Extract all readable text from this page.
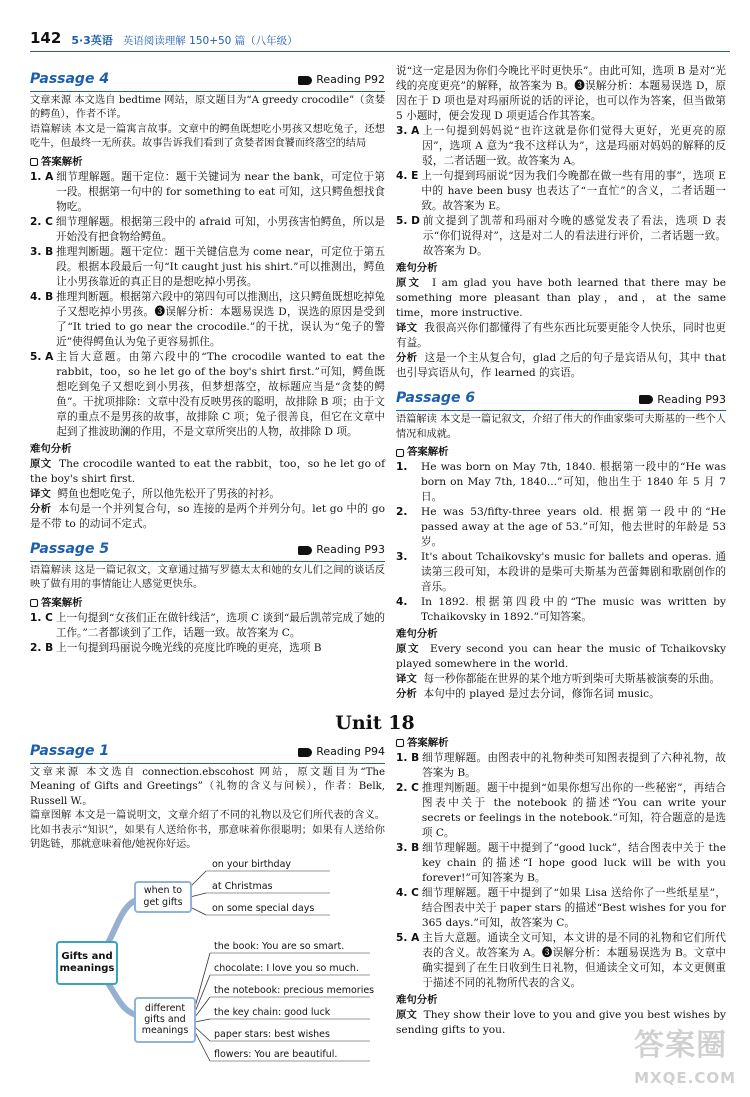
142 5·3英语 英语阅读理解 150+50 篇（八年级）
Passage 4	Reading P92

文章来源 本文选自 bedtime 网站，原文题目为“A greedy crocodile”（贪婪的鳄鱼），作者不详。

语篇解读 本文是一篇寓言故事。文章中的鳄鱼既想吃小男孩又想吃兔子，还想吃牛，但最终一无所获。故事告诉我们看到了贪婪者困食饕而终落空的结局

答案解析
1. A 细节理解题。题干定位：题干关键词为 near the bank，可定位于第一段。根据第一句中的 for something to eat 可知，这只鳄鱼想找食物吃。
2. C 细节理解题。根据第三段中的 afraid 可知，小男孩害怕鳄鱼，所以是开始没有把食物给鳄鱼。
3. B 推理判断题。题干定位：题干关键信息为 come near，可定位于第五段。根据本段最后一句“It caught just his shirt.”可以推测出，鳄鱼让小男孩靠近的真正目的是想吃掉小男孩。
4. B 推理判断题。根据第六段中的第四句可以推测出，这只鳄鱼既想吃掉兔子又想吃掉小男孩。❸误解分析：本题易误选 D，误选的原因是受到了“It tried to go near the crocodile.”的干扰，误认为“兔子的警近”使得鳄鱼认为兔子更容易抓住。
5. A 主旨大意题。由第六段中的“The crocodile wanted to eat the rabbit，too，so he let go of the boy's shirt first.”可知，鳄鱼既想吃到兔子又想吃到小男孩，但梦想落空，故标题应当是“贪婪的鳄鱼”。干扰项排除：文章中没有反映男孩的聪明，故排除 B 项；由于文章的重点不是男孩的故事，故排除 C 项；兔子很善良，但它在文章中起到了推波助澜的作用，不是文章所突出的人物，故排除 D 项。
难句分析

原文 The crocodile wanted to eat the rabbit，too，so he let go of the boy's shirt first.

译文 鳄鱼也想吃兔子，所以他先松开了男孩的衬衫。

分析 本句是一个并列复合句，so 连接的是两个并列分句。let go 中的 go 是不带 to 的动词不定式。

Passage 5	Reading P93

语篇解读 这是一篇记叙文，文章通过描写罗德太太和她的女儿们之间的谈话反映了做有用的事情能让人感觉更快乐。

答案解析
1. C 上一句提到“女孩们正在做针线活”，选项 C 谈到“最后凯蒂完成了她的工作。”二者都谈到了工作，话题一致。故答案为 C。
2. B 上一句提到玛丽说今晚光线的亮度比昨晚的更亮，选项 B

说“这一定是因为你们今晚比平时更快乐”。由此可知，选项 B 是对“光线的亮度更亮”的解释，故答案为 B。❸误解分析：本题易误选 D，原因在于 D 项也是对玛丽所说的话的评论，也可以作为答案，但当做第 5 小题时，便会发现 D 项更适合作其答案。

3. A 上一句提到妈妈说“也许这就是你们觉得大更好，光更亮的原因”，选项 A 意为“我不这样认为”，这是玛丽对妈妈的解释的反驳，二者话题一致。故答案为 A。
4. E 上一句提到玛丽说“因为我们今晚都在做一些有用的事”，选项 E 中的 have been busy 也表达了“一直忙”的含义，二者话题一致。故答案为 E。
5. D 前文提到了凯蒂和玛丽对今晚的感觉发表了看法，选项 D 表示“你们说得对”，这是对二人的看法进行评价，二者话题一致。故答案为 D。
难句分析

原文 I am glad you have both learned that there may be something more pleasant than play，and，at the same time，more instructive.

译文 我很高兴你们都懂得了有些东西比玩要更能令人快乐，同时也更有益。

分析 这是一个主从复合句，glad 之后的句子是宾语从句，其中 that 也引导宾语从句，作 learned 的宾语。

Passage 6	Reading P93

语篇解读 本文是一篇记叙文，介绍了伟大的作曲家柴可夫斯基的一些个人情况和成就。

答案解析
1.	He was born on May 7th, 1840. 根据第一段中的“He was born on May 7th, 1840...”可知，他出生于 1840 年 5 月 7 日。
2.	He was 53/fifty-three years old. 根据第一段中的“He passed away at the age of 53.”可知，他去世时的年龄是 53 岁。
3.	It's about Tchaikovsky's music for ballets and operas. 通读第三段可知，本段讲的是柴可夫斯基为芭蕾舞剧和歌剧创作的音乐。
4.	In 1892. 根据第四段中的“The music was written by Tchaikovsky in 1892.”可知答案。
难句分析

原文 Every second you can hear the music of Tchaikovsky played somewhere in the world.

译文 每一秒你都能在世界的某个地方听到柴可夫斯基被演奏的乐曲。

分析 本句中的 played 是过去分词，修饰名词 music。

Unit 18
Passage 1	Reading P94

文章来源 本文选自 connection.ebscohost 网站，原文题目为“The Meaning of Gifts and Greetings”（礼物的含义与问候），作者：Belk, Russell W.。

篇章图解 本文是一篇说明文，文章介绍了不同的礼物以及它们所代表的含义。比如书表示“知识”，如果有人送给你书，那意味着你很聪明；如果有人送给你钥匙链，那就意味着他/她祝你好运。

Gifts and meanings
when to get gifts
different gifts and meanings
on your birthday
at Christmas
on some special days
the book: You are so smart.
chocolate: I love you so much.
the notebook: precious memories
the key chain: good luck
paper stars: best wishes
flowers: You are beautiful.
答案解析
1. B 细节理解题。由图表中的礼物种类可知图表提到了六种礼物，故答案为 B。
2. C 推理判断题。题干中提到“如果你想写出你的一些秘密”，再结合图表中关于 the notebook 的描述“You can write your secrets or feelings in the notebook.”可知，符合题意的是选项 C。
3. B 细节理解题。题干中提到了“good luck”，结合图表中关于 the key chain 的描述“I hope good luck will be with you forever!”可知答案为 B。
4. C 细节理解题。题干中提到了“如果 Lisa 送给你了一些纸星星”，结合图表中关于 paper stars 的描述“Best wishes for you for 365 days.”可知，故答案为 C。
5. A 主旨大意题。通读全文可知，本文讲的是不同的礼物和它们所代表的含义。故答案为 A。❸误解分析：本题易误选为 B。文章中确实提到了在生日收到生日礼物，但通读全文可知，本文更侧重于描述不同的礼物所代表的含义。
难句分析

原文 They show their love to you and give you best wishes by sending gifts to you.	答案圈
MXQE.COM
